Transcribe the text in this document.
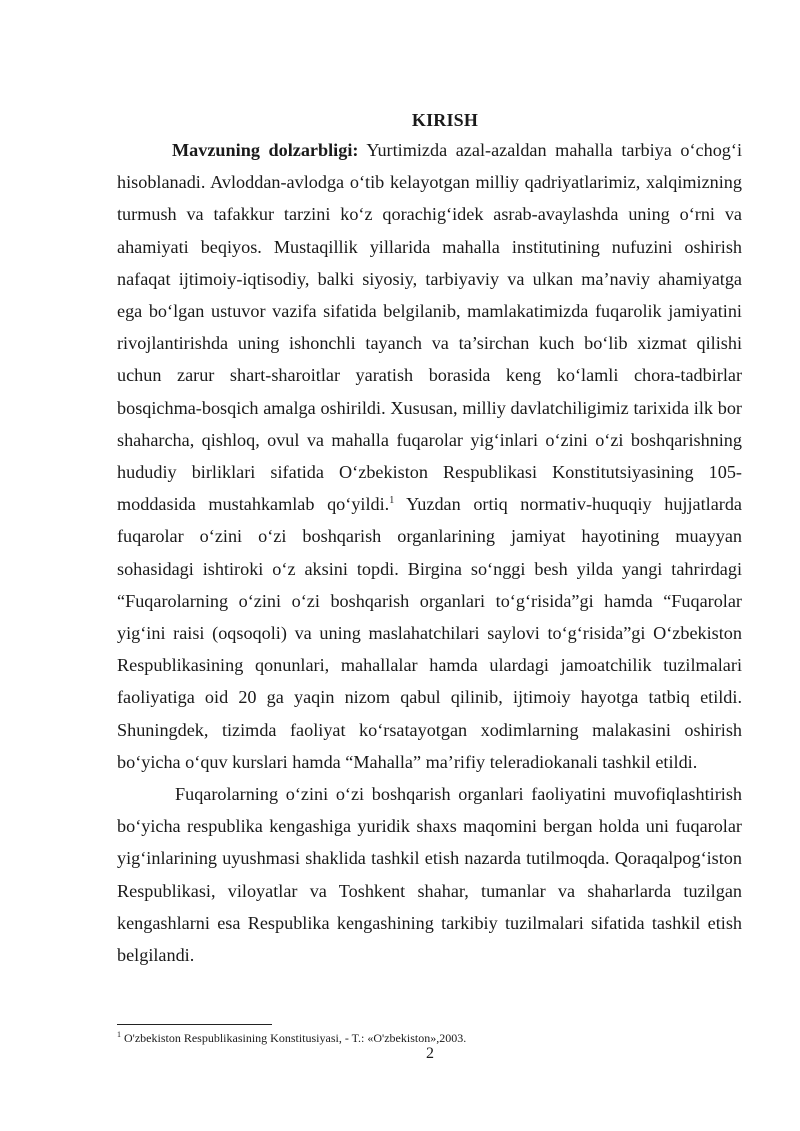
KIRISH

Mavzuning dolzarbligi: Yurtimizda azal-azaldan mahalla tarbiya o‘chog‘i hisoblanadi. Avloddan-avlodga o‘tib kelayotgan milliy qadriyatlarimiz, xalqimizning turmush va tafakkur tarzini ko‘z qorachig‘idek asrab-avaylashda uning o‘rni va ahamiyati beqiyos. Mustaqillik yillarida mahalla institutining nufuzini oshirish nafaqat ijtimoiy-iqtisodiy, balki siyosiy, tarbiyaviy va ulkan ma’naviy ahamiyatga ega bo‘lgan ustuvor vazifa sifatida belgilanib, mamlakatimizda fuqarolik jamiyatini rivojlantirishda uning ishonchli tayanch va ta’sirchan kuch bo‘lib xizmat qilishi uchun zarur shart-sharoitlar yaratish borasida keng ko‘lamli chora-tadbirlar bosqichma-bosqich amalga oshirildi. Xususan, milliy davlatchiligimiz tarixida ilk bor shaharcha, qishloq, ovul va mahalla fuqarolar yig‘inlari o‘zini o‘zi boshqarishning hududiy birliklari sifatida O‘zbekiston Respublikasi Konstitutsiyasining 105-moddasida mustahkamlab qo‘yildi.$^1$ Yuzdan ortiq normativ-huquqiy hujjatlarda fuqarolar o‘zini o‘zi boshqarish organlarining jamiyat hayotining muayyan sohasidagi ishtiroki o‘z aksini topdi. Birgina so‘nggi besh yilda yangi tahrirdagi “Fuqarolarning o‘zini o‘zi boshqarish organlari to‘g‘risida”gi hamda “Fuqarolar yig‘ini raisi (oqsoqoli) va uning maslahatchilari saylovi to‘g‘risida”gi O‘zbekiston Respublikasining qonunlari, mahallalar hamda ulardagi jamoatchilik tuzilmalari faoliyatiga oid 20 ga yaqin nizom qabul qilinib, ijtimoiy hayotga tatbiq etildi. Shuningdek, tizimda faoliyat ko‘rsatayotgan xodimlarning malakasini oshirish bo‘yicha o‘quv kurslari hamda “Mahalla” ma’rifiy teleradiokanali tashkil etildi.

Fuqarolarning o‘zini o‘zi boshqarish organlari faoliyatini muvofiqlashtirish bo‘yicha respublika kengashiga yuridik shaxs maqomini bergan holda uni fuqarolar yig‘inlarining uyushmasi shaklida tashkil etish nazarda tutilmoqda. Qoraqalpog‘iston Respublikasi, viloyatlar va Toshkent shahar, tumanlar va shaharlarda tuzilgan kengashlarni esa Respublika kengashining tarkibiy tuzilmalari sifatida tashkil etish belgilandi.

$^1$ O'zbekiston Respublikasining Konstitusiyasi, - T.: «O'zbekiston»,2003.
2
